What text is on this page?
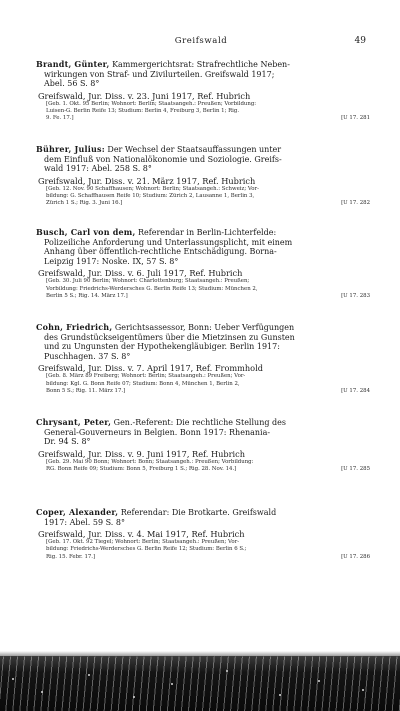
Greifswald	49
Brandt, Günter, Kammergerichtsrat: Strafrechtliche Neben-
wirkungen von Straf- und Zivilurteilen. Greifswald 1917;
Abel. 56 S. 8°
Greifswald, Jur. Diss. v. 23. Juni 1917, Ref. Hubrich
[Geb. 1. Okt. 95 Berlin; Wohnort: Berlin; Staatsangeh.: Preußen; Vorbildung:
Luisen-G. Berlin Reife 13; Studium: Berlin 4, Freiburg 3, Berlin 1; Rig.
9. Fe. 17.]	[U 17. 281
Bührer, Julius: Der Wechsel der Staatsauffassungen unter
dem Einfluß von Nationalökonomie und Soziologie. Greifs-
wald 1917: Abel. 258 S. 8°
Greifswald, Jur. Diss. v. 21. März 1917, Ref. Hubrich
[Geb. 12. Nov. 90 Schaffhausen; Wohnort: Berlin; Staatsangeh.: Schweiz; Vor-
bildung: G. Schaffhausen Reife 10; Studium: Zürich 2, Lausanne 1, Berlin 3,
Zürich 1 S.; Rig. 3. Juni 16.]	[U 17. 282
Busch, Carl von dem, Referendar in Berlin-Lichterfelde:
Polizeiliche Anforderung und Unterlassungsplicht, mit einem
Anhang über öffentlich-rechtliche Entschädigung. Borna-
Leipzig 1917: Noske. IX, 57 S. 8°
Greifswald, Jur. Diss. v. 6. Juli 1917, Ref. Hubrich
[Geb. 30. Juli 90 Berlin; Wohnort: Charlottenburg; Staatsangeh.: Preußen;
Vorbildung: Friedrichs-Werdersches G. Berlin Reife 13; Studium: München 2,
Berlin 5 S.; Rig. 14. März 17.]	[U 17. 283
Cohn, Friedrich, Gerichtsassessor, Bonn: Ueber Verfügungen
des Grundstückseigentümers über die Mietzinsen zu Gunsten
und zu Ungunsten der Hypothekengläubiger. Berlin 1917:
Puschhagen. 37 S. 8°
Greifswald, Jur. Diss. v. 7. April 1917, Ref. Frommhold
[Geb. 8. März 89 Freiberg; Wohnort: Berlin; Staatsangeh.: Preußen; Vor-
bildung: Kgl. G. Bonn Reife 07; Studium: Bonn 4, München 1, Berlin 2,
Bonn 5 S.; Rig. 11. März 17.]	[U 17. 284
Chrysant, Peter, Gen.-Referent: Die rechtliche Stellung des
General-Gouverneurs in Belgien. Bonn 1917: Rhenania-
Dr. 94 S. 8°
Greifswald, Jur. Diss. v. 9. Juni 1917, Ref. Hubrich
[Geb. 29. Mai 90 Bonn; Wohnort: Bonn; Staatsangeh.: Preußen; Vorbildung:
RG. Bonn Reife 09; Studium: Bonn 5, Freiburg 1 S.; Rig. 28. Nov. 14.]	[U 17. 285
Coper, Alexander, Referendar: Die Brotkarte. Greifswald
1917: Abel. 59 S. 8°
Greifswald, Jur. Diss. v. 4. Mai 1917, Ref. Hubrich
[Geb. 17. Okt. 92 Tiegel; Wohnort: Berlin; Staatsangeh.: Preußen; Vor-
bildung: Friedrichs-Werdersches G. Berlin Reife 12; Studium: Berlin 6 S.;
Rig. 15. Febr. 17.]	[U 17. 286
